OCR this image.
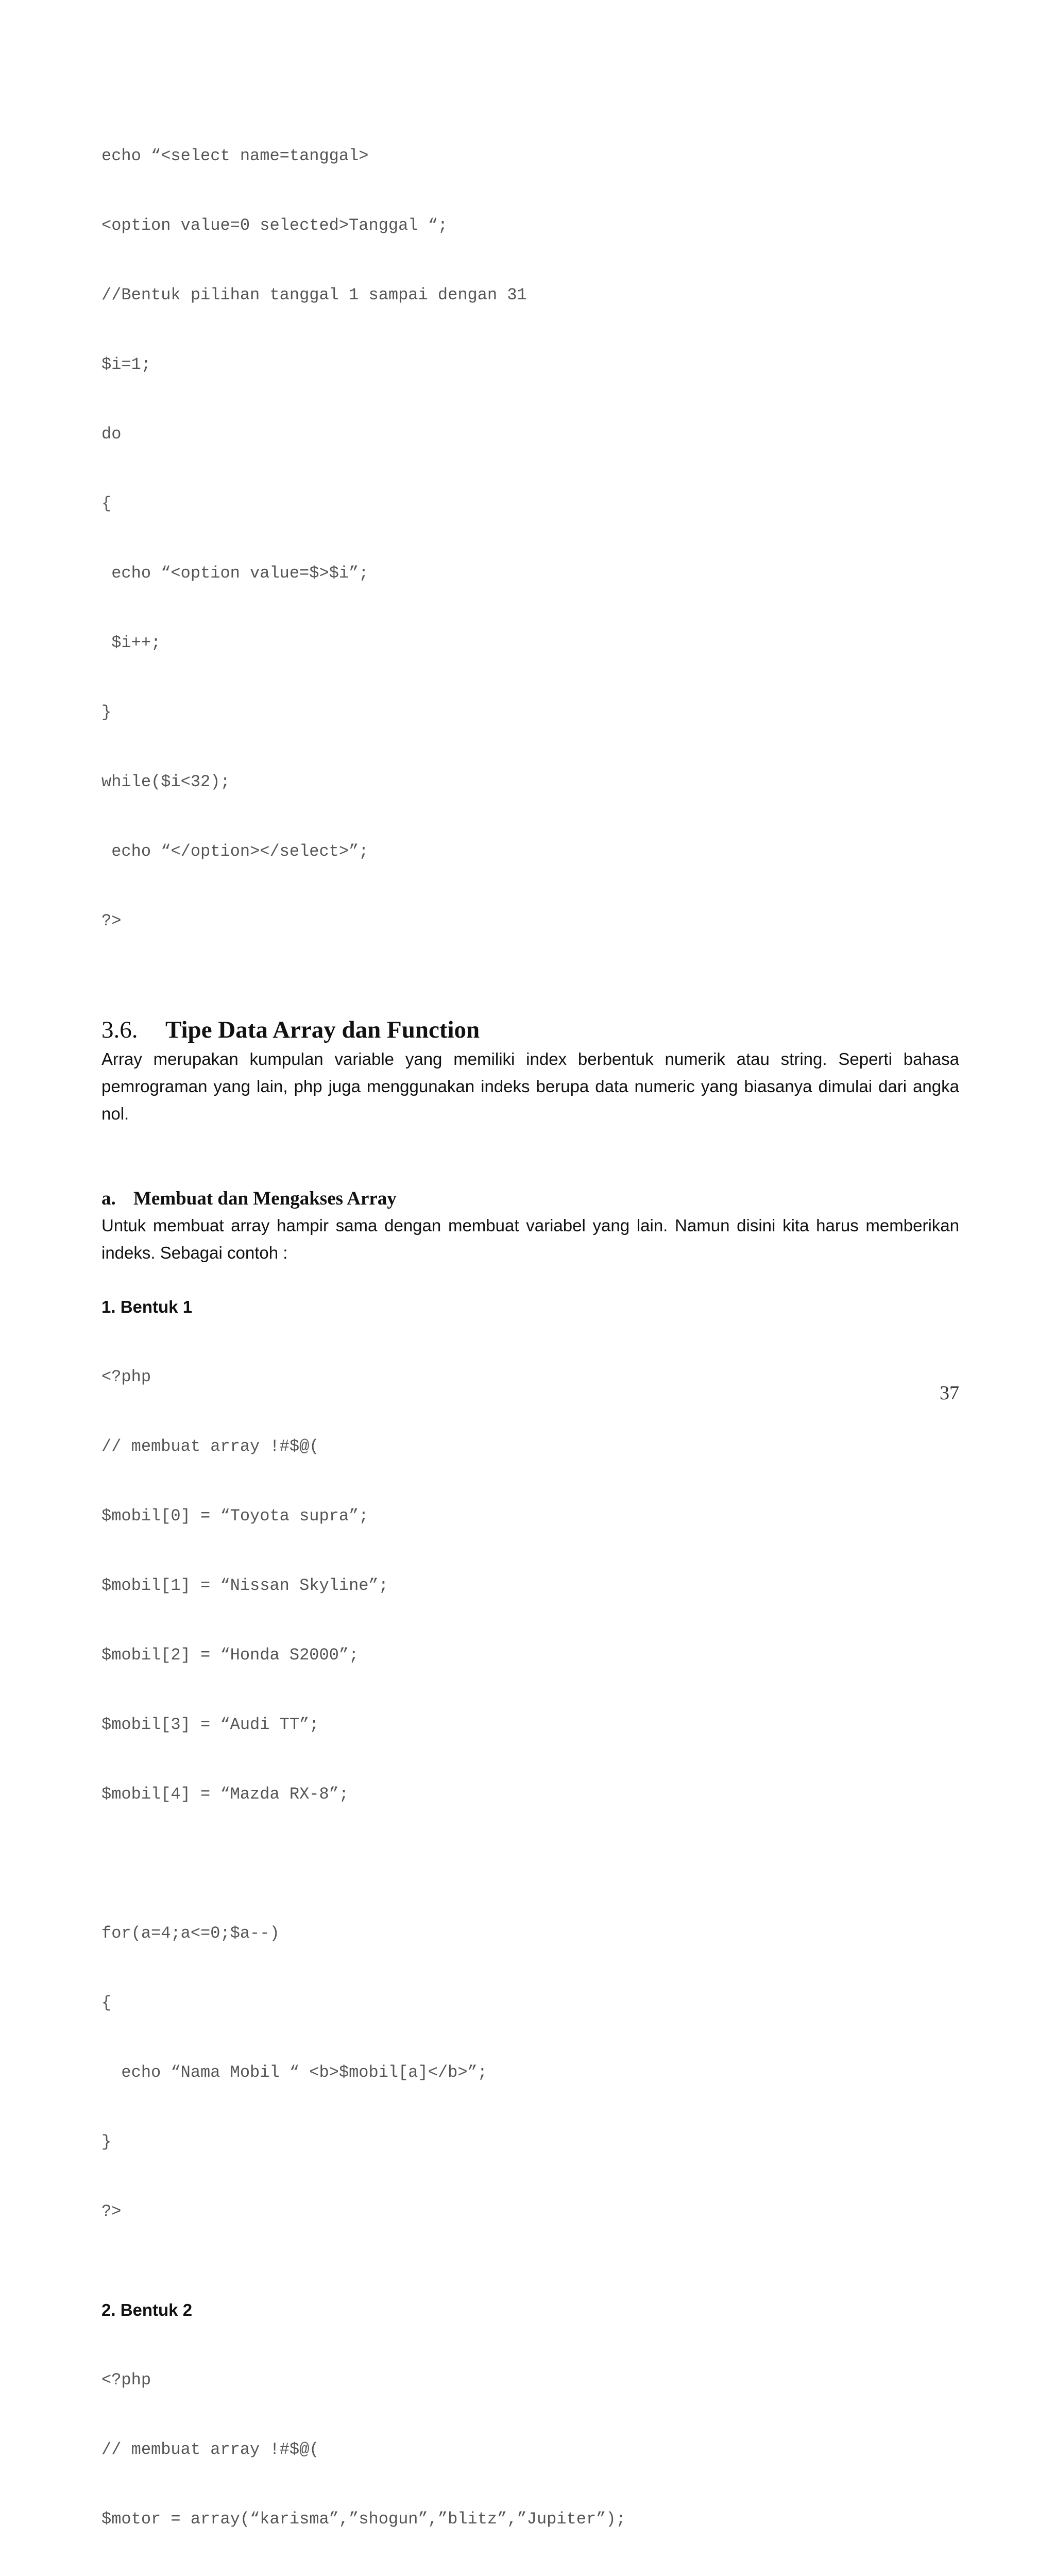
echo “<select name=tanggal>

<option value=0 selected>Tanggal “;

//Bentuk pilihan tanggal 1 sampai dengan 31

$i=1;

do

{

echo “<option value=$>$i”;

$i++;

}

while($i<32);

echo “</option></select>”;

?>

3.6.	Tipe Data Array dan Function

Array merupakan kumpulan variable yang memiliki index berbentuk numerik atau string. Seperti bahasa pemrograman yang lain, php juga menggunakan indeks berupa data numeric yang biasanya dimulai dari angka nol.

a. Membuat dan Mengakses Array

Untuk membuat array hampir sama dengan membuat variabel yang lain. Namun disini kita harus memberikan indeks. Sebagai contoh :

1. Bentuk 1

<?php

// membuat array !#$@(

$mobil[0] = “Toyota supra”;

$mobil[1] = “Nissan Skyline”;

$mobil[2] = “Honda S2000”;

$mobil[3] = “Audi TT”;

$mobil[4] = “Mazda RX-8”;

for(a=4;a<=0;$a--)

{

echo “Nama Mobil “ <b>$mobil[a]</b>”;

}

?>

2. Bentuk 2

<?php

// membuat array !#$@(

$motor = array(“karisma”,”shogun”,”blitz”,”Jupiter”);

37
